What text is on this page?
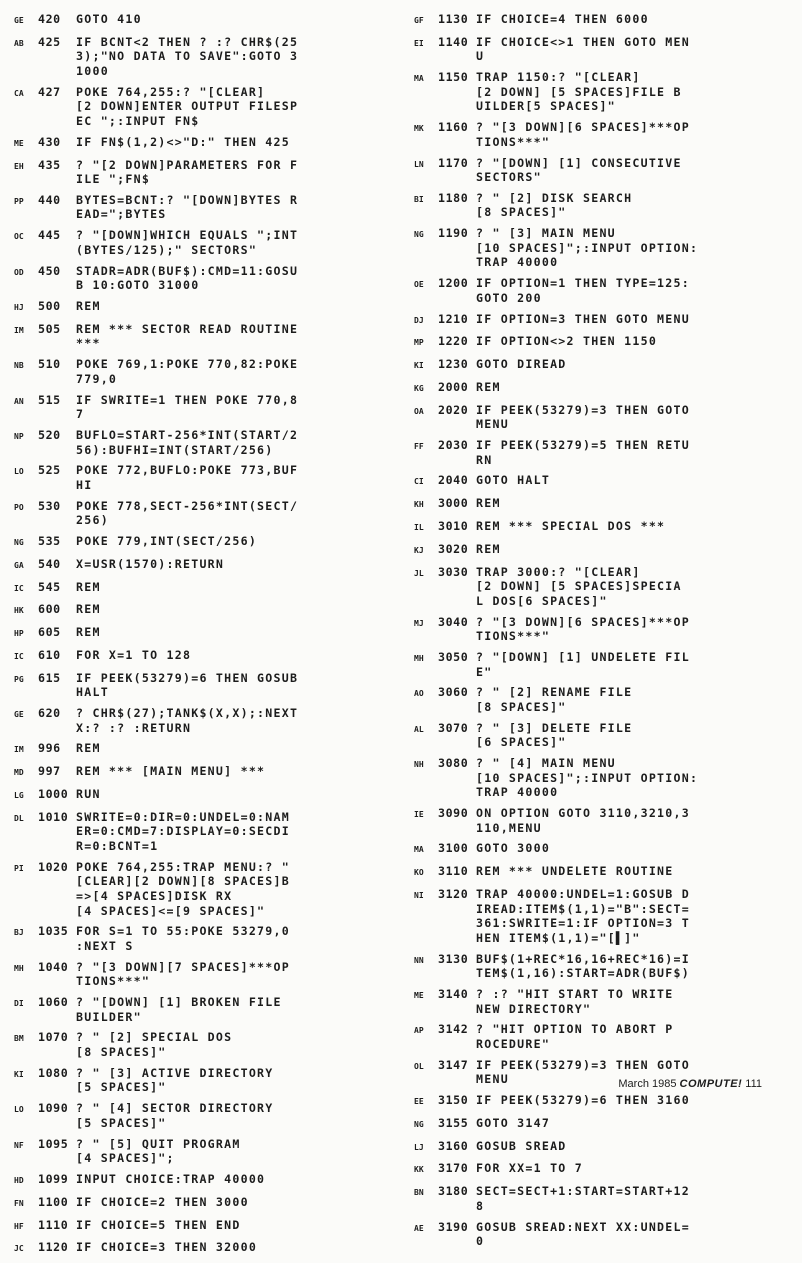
GE	420	GOTO 410
AB	425	IF BCNT<2 THEN ? :? CHR$(25
3);"NO DATA TO SAVE":GOTO 3
1000
CA	427	POKE 764,255:? "[CLEAR]
[2 DOWN]ENTER OUTPUT FILESP
EC ";:INPUT FN$
ME	430	IF FN$(1,2)<>"D:" THEN 425
EH	435	? "[2 DOWN]PARAMETERS FOR F
ILE ";FN$
PP	440	BYTES=BCNT:? "[DOWN]BYTES R
EAD=";BYTES
OC	445	? "[DOWN]WHICH EQUALS ";INT
(BYTES/125);" SECTORS"
OD	450	STADR=ADR(BUF$):CMD=11:GOSU
B 10:GOTO 31000
HJ	500	REM
IM	505	REM *** SECTOR READ ROUTINE
***
NB	510	POKE 769,1:POKE 770,82:POKE
779,0
AN	515	IF SWRITE=1 THEN POKE 770,8
7
NP	520	BUFLO=START-256*INT(START/2
56):BUFHI=INT(START/256)
LO	525	POKE 772,BUFLO:POKE 773,BUF
HI
PO	530	POKE 778,SECT-256*INT(SECT/
256)
NG	535	POKE 779,INT(SECT/256)
GA	540	X=USR(1570):RETURN
IC	545	REM
HK	600	REM
HP	605	REM
IC	610	FOR X=1 TO 128
PG	615	IF PEEK(53279)=6 THEN GOSUB
HALT
GE	620	? CHR$(27);TANK$(X,X);:NEXT
X:? :? :RETURN
IM	996	REM
MD	997	REM *** [MAIN MENU] ***
LG	1000 RUN
DL	1010 SWRITE=0:DIR=0:UNDEL=0:NAM
ER=0:CMD=7:DISPLAY=0:SECDI
R=0:BCNT=1
PI	1020 POKE 764,255:TRAP MENU:? "
[CLEAR][2 DOWN][8 SPACES]B
=>[4 SPACES]DISK RX
[4 SPACES]<=[9 SPACES]"
BJ	1035 FOR S=1 TO 55:POKE 53279,0
:NEXT S
MH	1040 ? "[3 DOWN][7 SPACES]***OP
TIONS***"
DI	1060 ? "[DOWN] [1] BROKEN FILE
BUILDER"
BM	1070 ? " [2] SPECIAL DOS
[8 SPACES]"
KI	1080 ? " [3] ACTIVE DIRECTORY
[5 SPACES]"
LO	1090 ? " [4] SECTOR DIRECTORY
[5 SPACES]"
NF	1095 ? " [5] QUIT PROGRAM
[4 SPACES]";
HD	1099 INPUT CHOICE:TRAP 40000
FN	1100 IF CHOICE=2 THEN 3000
HF	1110 IF CHOICE=5 THEN END
JC	1120 IF CHOICE=3 THEN 32000
GF	1130 IF CHOICE=4 THEN 6000
EI	1140 IF CHOICE<>1 THEN GOTO MEN
U
MA	1150 TRAP 1150:? "[CLEAR]
[2 DOWN] [5 SPACES]FILE B
UILDER[5 SPACES]"
MK	1160 ? "[3 DOWN][6 SPACES]***OP
TIONS***"
LN	1170 ? "[DOWN] [1] CONSECUTIVE
SECTORS"
BI	1180 ? " [2] DISK SEARCH
[8 SPACES]"
NG	1190 ? " [3] MAIN MENU
[10 SPACES]";:INPUT OPTION:
TRAP 40000
OE	1200 IF OPTION=1 THEN TYPE=125:
GOTO 200
DJ	1210 IF OPTION=3 THEN GOTO MENU
MP	1220 IF OPTION<>2 THEN 1150
KI	1230 GOTO DIREAD
KG	2000 REM
OA	2020 IF PEEK(53279)=3 THEN GOTO
MENU
FF	2030 IF PEEK(53279)=5 THEN RETU
RN
CI	2040 GOTO HALT
KH	3000 REM
IL	3010 REM *** SPECIAL DOS ***
KJ	3020 REM
JL	3030 TRAP 3000:? "[CLEAR]
[2 DOWN] [5 SPACES]SPECIA
L DOS[6 SPACES]"
MJ	3040 ? "[3 DOWN][6 SPACES]***OP
TIONS***"
MH	3050 ? "[DOWN] [1] UNDELETE FIL
E"
AO	3060 ? " [2] RENAME FILE
[8 SPACES]"
AL	3070 ? " [3] DELETE FILE
[6 SPACES]"
NH	3080 ? " [4] MAIN MENU
[10 SPACES]";:INPUT OPTION:
TRAP 40000
IE	3090 ON OPTION GOTO 3110,3210,3
110,MENU
MA	3100 GOTO 3000
KO	3110 REM *** UNDELETE ROUTINE
NI	3120 TRAP 40000:UNDEL=1:GOSUB D
IREAD:ITEM$(1,1)="B":SECT=
361:SWRITE=1:IF OPTION=3 T
HEN ITEM$(1,1)="[▌]"
NN	3130 BUF$(1+REC*16,16+REC*16)=I
TEM$(1,16):START=ADR(BUF$)
ME	3140 ? :? "HIT START TO WRITE
NEW DIRECTORY"
AP	3142 ? "HIT OPTION TO ABORT P
ROCEDURE"
OL	3147 IF PEEK(53279)=3 THEN GOTO
MENU
EE	3150 IF PEEK(53279)=6 THEN 3160
NG	3155 GOTO 3147
LJ	3160 GOSUB SREAD
KK	3170 FOR XX=1 TO 7
BN	3180 SECT=SECT+1:START=START+12
8
AE	3190 GOSUB SREAD:NEXT XX:UNDEL=
0
March 1985 COMPUTE! 111
